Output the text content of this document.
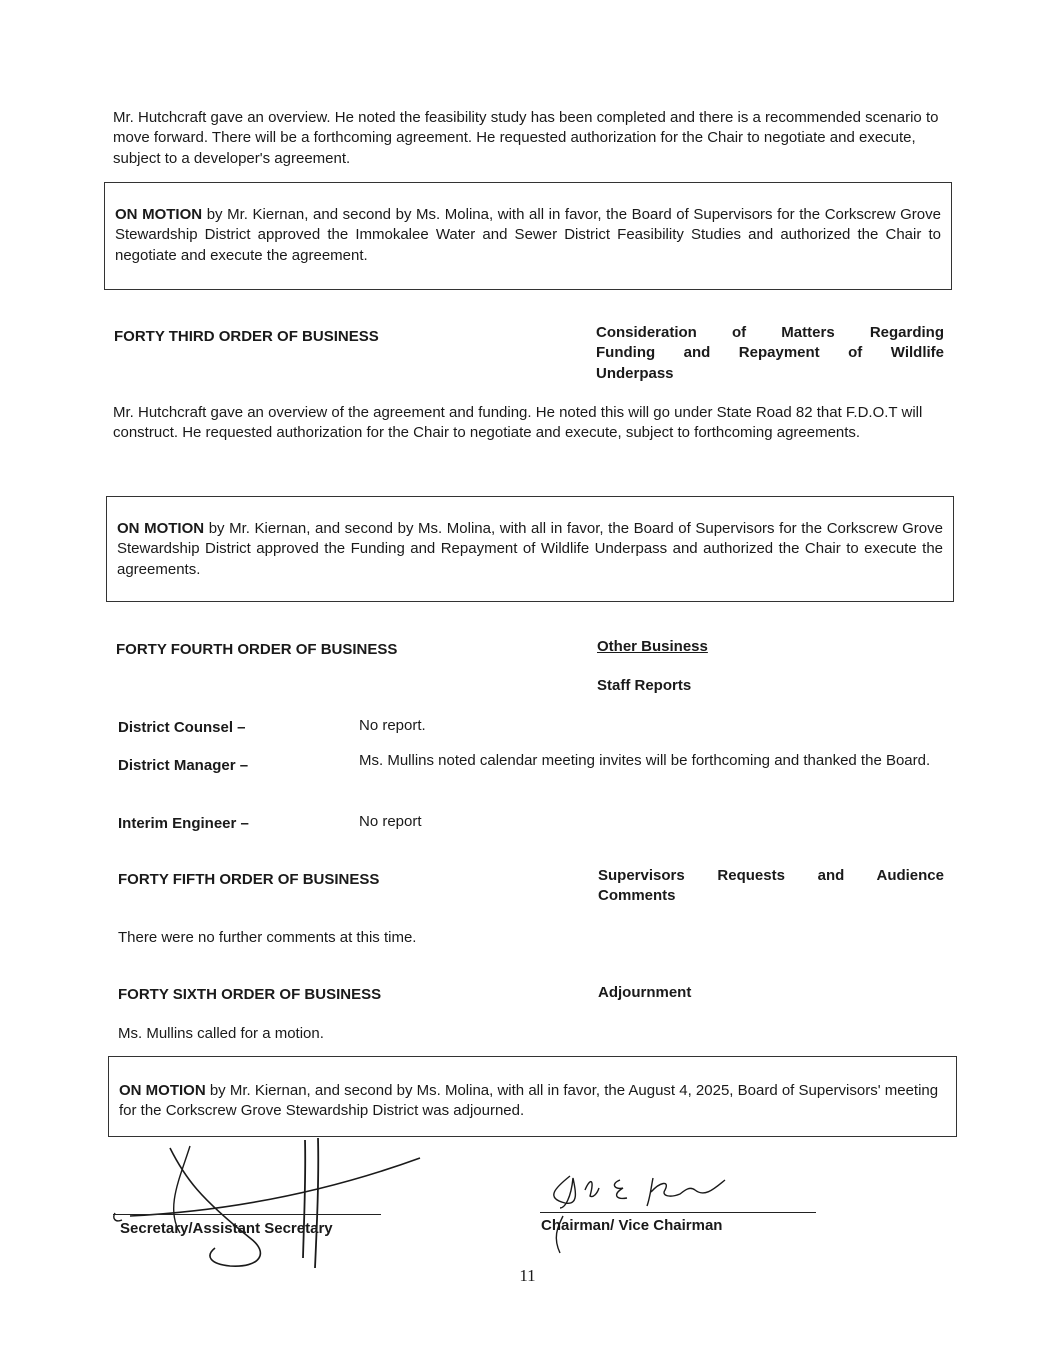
Mr. Hutchcraft gave an overview. He noted the feasibility study has been completed and there is a recommended scenario to move forward. There will be a forthcoming agreement. He requested authorization for the Chair to negotiate and execute, subject to a developer's agreement.

ON MOTION by Mr. Kiernan, and second by Ms. Molina, with all in favor, the Board of Supervisors for the Corkscrew Grove Stewardship District approved the Immokalee Water and Sewer District Feasibility Studies and authorized the Chair to negotiate and execute the agreement.

FORTY THIRD ORDER OF BUSINESS	Consideration of Matters Regarding
Funding and Repayment of Wildlife
Underpass
Mr. Hutchcraft gave an overview of the agreement and funding. He noted this will go under State Road 82 that F.D.O.T will construct. He requested authorization for the Chair to negotiate and execute, subject to forthcoming agreements.

ON MOTION by Mr. Kiernan, and second by Ms. Molina, with all in favor, the Board of Supervisors for the Corkscrew Grove Stewardship District approved the Funding and Repayment of Wildlife Underpass and authorized the Chair to execute the agreements.

FORTY FOURTH ORDER OF BUSINESS	Other Business
Staff Reports
District Counsel –	No report.
District Manager –	Ms. Mullins noted calendar meeting invites will be forthcoming and thanked the Board.
Interim Engineer –	No report
FORTY FIFTH ORDER OF BUSINESS	Supervisors Requests and Audience
Comments
There were no further comments at this time.
FORTY SIXTH ORDER OF BUSINESS	Adjournment
Ms. Mullins called for a motion.

ON MOTION by Mr. Kiernan, and second by Ms. Molina, with all in favor, the August 4, 2025, Board of Supervisors' meeting for the Corkscrew Grove Stewardship District was adjourned.

Secretary/Assistant Secretary	Chairman/ Vice Chairman
11
